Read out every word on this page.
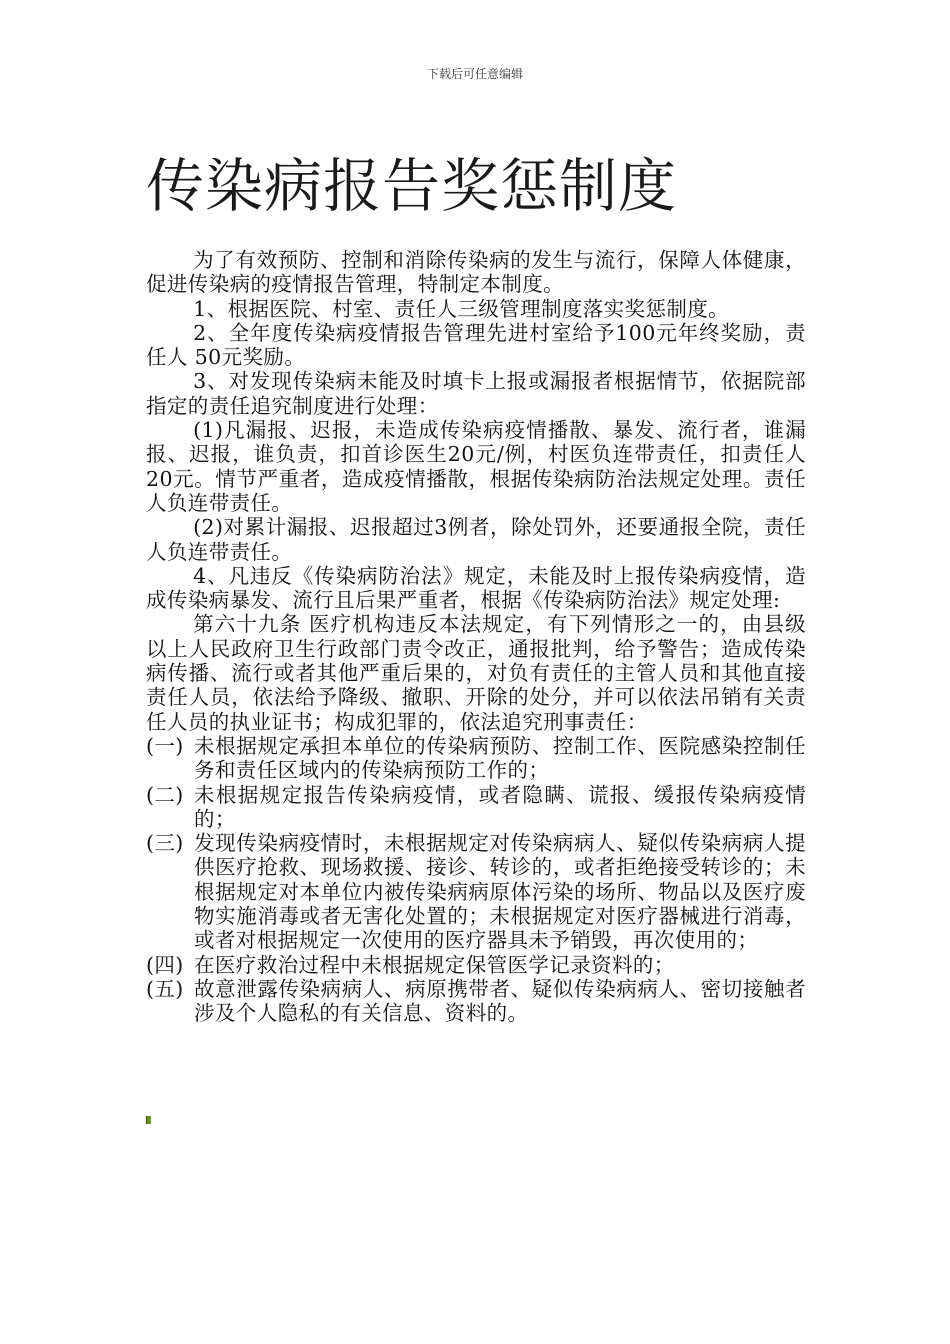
下载后可任意编辑
传染病报告奖惩制度

为了有效预防、控制和消除传染病的发生与流行，保障人体健康，促进传染病的疫情报告管理，特制定本制度。

1、根据医院、村室、责任人三级管理制度落实奖惩制度。

2、全年度传染病疫情报告管理先进村室给予100元年终奖励，责任人 50元奖励。

3、对发现传染病未能及时填卡上报或漏报者根据情节，依据院部指定的责任追究制度进行处理：

(1)凡漏报、迟报，未造成传染病疫情播散、暴发、流行者，谁漏报、迟报，谁负责，扣首诊医生20元/例，村医负连带责任，扣责任人20元。情节严重者，造成疫情播散，根据传染病防治法规定处理。责任人负连带责任。

(2)对累计漏报、迟报超过3例者，除处罚外，还要通报全院，责任人负连带责任。

4、凡违反《传染病防治法》规定，未能及时上报传染病疫情，造成传染病暴发、流行且后果严重者，根据《传染病防治法》规定处理:

第六十九条 医疗机构违反本法规定，有下列情形之一的，由县级以上人民政府卫生行政部门责令改正，通报批判，给予警告；造成传染病传播、流行或者其他严重后果的，对负有责任的主管人员和其他直接责任人员，依法给予降级、撤职、开除的处分，并可以依法吊销有关责任人员的执业证书；构成犯罪的，依法追究刑事责任：

(一) 未根据规定承担本单位的传染病预防、控制工作、医院感染控制任务和责任区域内的传染病预防工作的；
(二) 未根据规定报告传染病疫情，或者隐瞒、谎报、缓报传染病疫情的；
(三) 发现传染病疫情时，未根据规定对传染病病人、疑似传染病病人提供医疗抢救、现场救援、接诊、转诊的，或者拒绝接受转诊的；未根据规定对本单位内被传染病病原体污染的场所、物品以及医疗废物实施消毒或者无害化处置的；未根据规定对医疗器械进行消毒，或者对根据规定一次使用的医疗器具未予销毁，再次使用的；
(四) 在医疗救治过程中未根据规定保管医学记录资料的；
(五) 故意泄露传染病病人、病原携带者、疑似传染病病人、密切接触者涉及个人隐私的有关信息、资料的。
